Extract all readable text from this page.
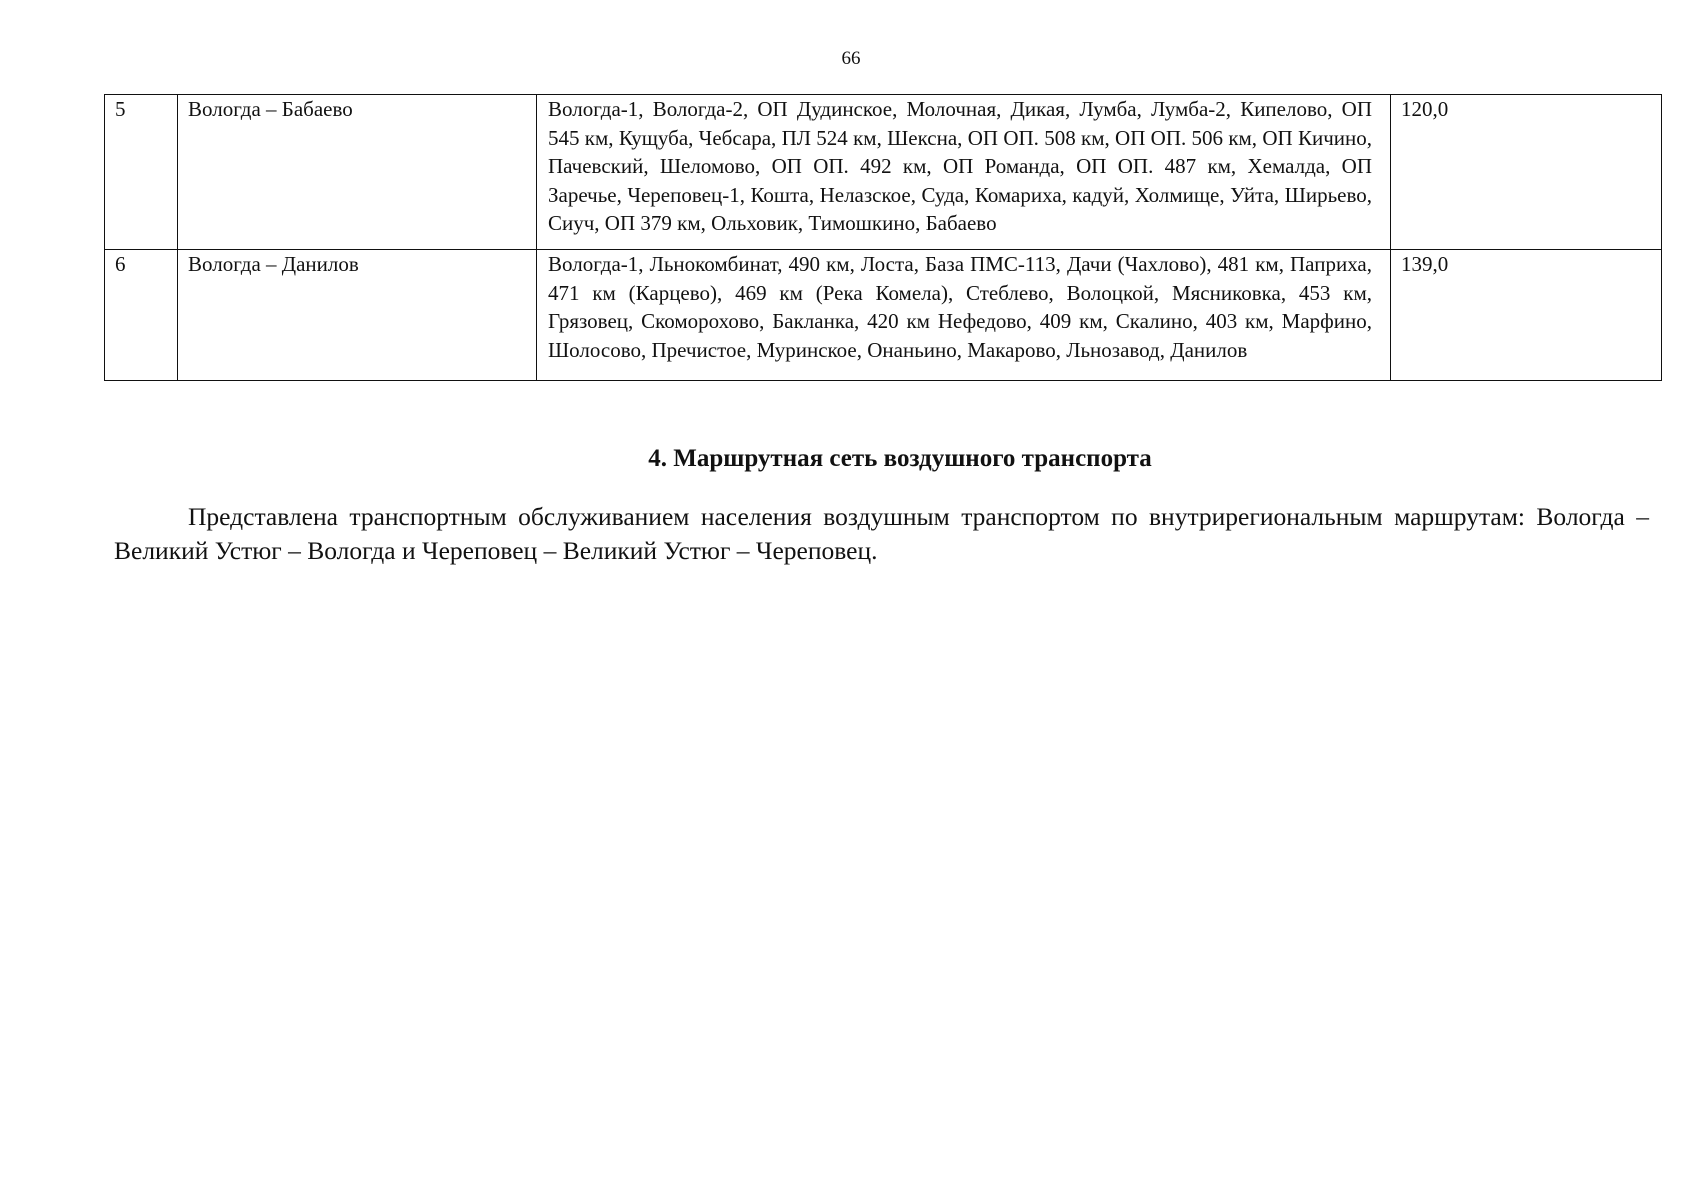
66
5	Вологда – Бабаево	Вологда-1, Вологда-2, ОП Дудинское, Молочная, Дикая, Лумба, Лумба-2, Кипелово, ОП 545 км, Кущуба, Чебсара, ПЛ 524 км, Шексна, ОП ОП. 508 км, ОП ОП. 506 км, ОП Кичино, Пачевский, Шеломово, ОП ОП. 492 км, ОП Романда, ОП ОП. 487 км, Хемалда, ОП Заречье, Череповец-1, Кошта, Нелазское, Суда, Комариха, кадуй, Холмище, Уйта, Ширьево, Сиуч, ОП 379 км, Ольховик, Тимошкино, Бабаево	120,0
6	Вологда – Данилов	Вологда-1, Льнокомбинат, 490 км, Лоста, База ПМС-113, Дачи (Чахлово), 481 км, Паприха, 471 км (Карцево), 469 км (Река Комела), Стеблево, Волоцкой, Мясниковка, 453 км, Грязовец, Скоморохово, Бакланка, 420 км Нефедово, 409 км, Скалино, 403 км, Марфино, Шолосово, Пречистое, Муринское, Онаньино, Макарово, Льнозавод, Данилов	139,0
4. Маршрутная сеть воздушного транспорта

Представлена транспортным обслуживанием населения воздушным транспортом по внутрирегиональным маршрутам: Вологда – Великий Устюг – Вологда и Череповец – Великий Устюг – Череповец.
